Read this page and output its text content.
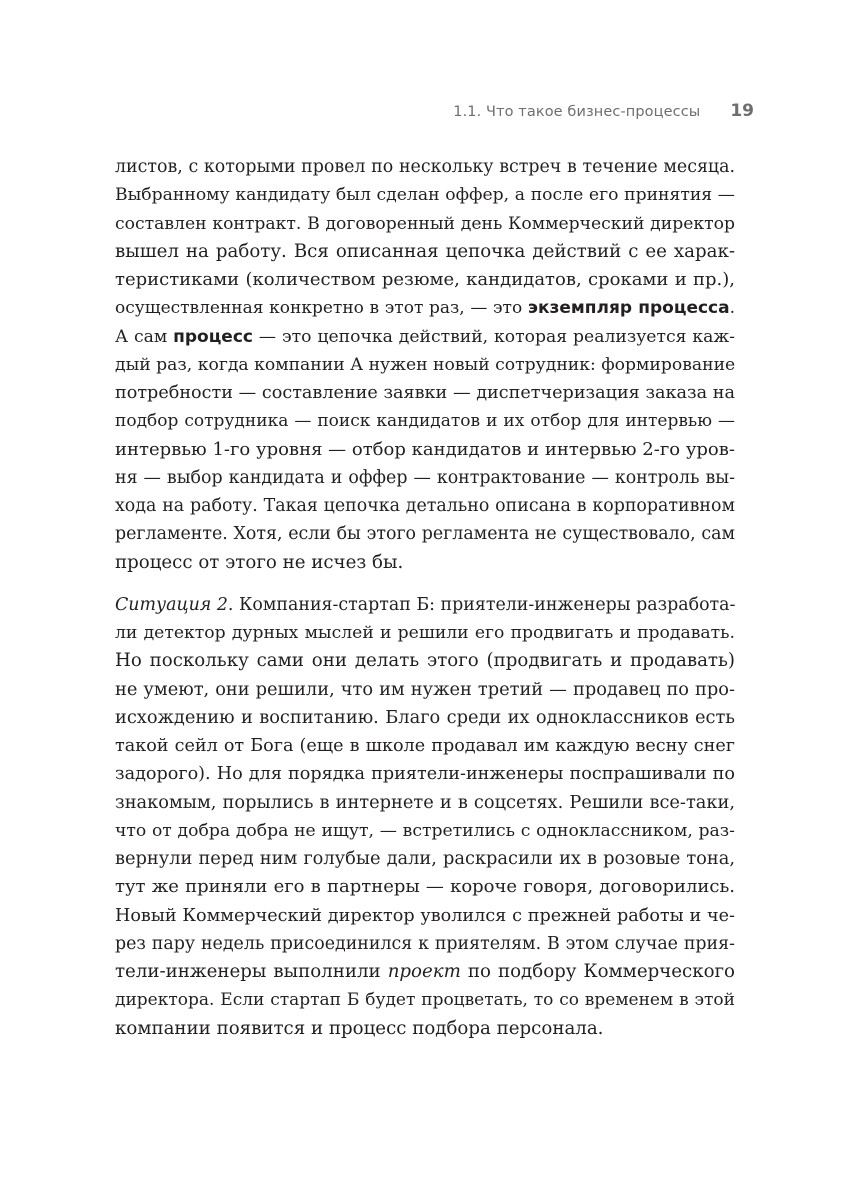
1.1. Что такое бизнес-процессы 19
листов, с которыми провел по нескольку встреч в течение месяца.
Выбранному кандидату был сделан оффер, а после его принятия —
составлен контракт. В договоренный день Коммерческий директор
вышел на работу. Вся описанная цепочка действий с ее харак-
теристиками (количеством резюме, кандидатов, сроками и пр.),
осуществленная конкретно в этот раз, — это экземпляр процесса.
А сам процесс — это цепочка действий, которая реализуется каж-
дый раз, когда компании А нужен новый сотрудник: формирование
потребности — составление заявки — диспетчеризация заказа на
подбор сотрудника — поиск кандидатов и их отбор для интервью —
интервью 1-го уровня — отбор кандидатов и интервью 2-го уров-
ня — выбор кандидата и оффер — контрактование — контроль вы-
хода на работу. Такая цепочка детально описана в корпоративном
регламенте. Хотя, если бы этого регламента не существовало, сам
процесс от этого не исчез бы.
Ситуация 2. Компания-стартап Б: приятели-инженеры разработа-
ли детектор дурных мыслей и решили его продвигать и продавать.
Но поскольку сами они делать этого (продвигать и продавать)
не умеют, они решили, что им нужен третий — продавец по про-
исхождению и воспитанию. Благо среди их одноклассников есть
такой сейл от Бога (еще в школе продавал им каждую весну снег
задорого). Но для порядка приятели-инженеры поспрашивали по
знакомым, порылись в интернете и в соцсетях. Решили все-таки,
что от добра добра не ищут, — встретились с одноклассником, раз-
вернули перед ним голубые дали, раскрасили их в розовые тона,
тут же приняли его в партнеры — короче говоря, договорились.
Новый Коммерческий директор уволился с прежней работы и че-
рез пару недель присоединился к приятелям. В этом случае прия-
тели-инженеры выполнили проект по подбору Коммерческого
директора. Если стартап Б будет процветать, то со временем в этой
компании появится и процесс подбора персонала.
